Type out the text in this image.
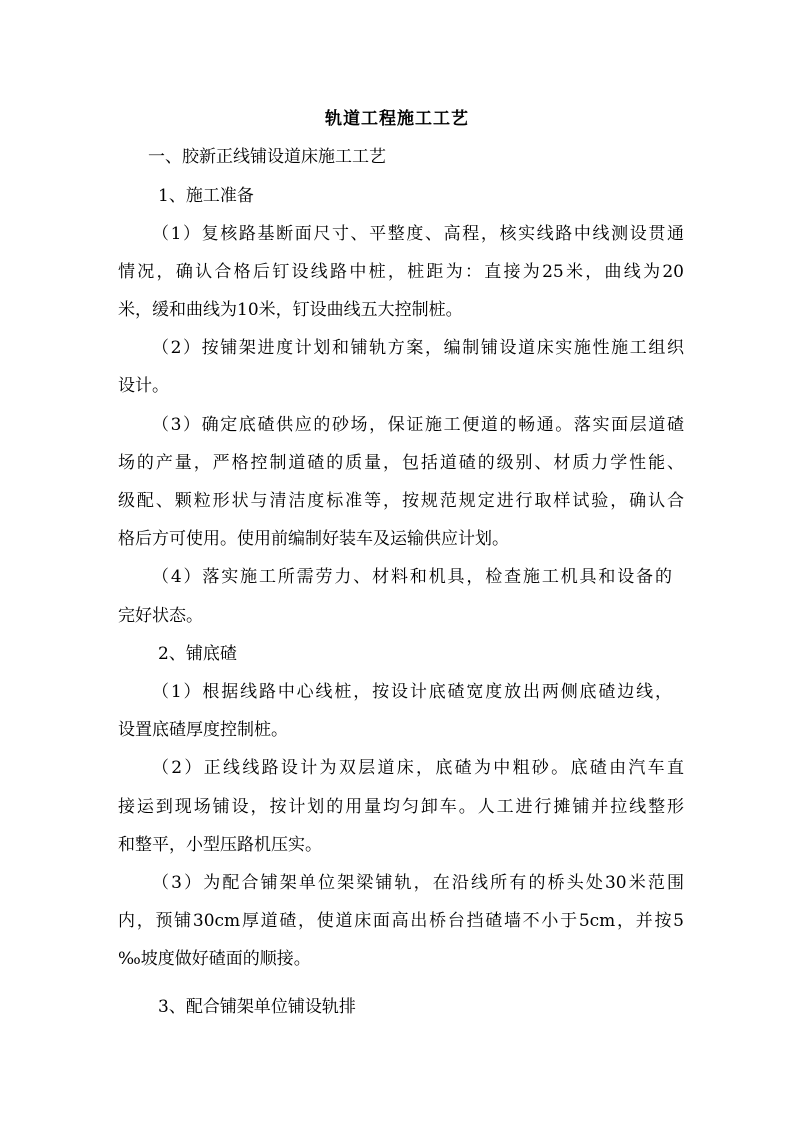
轨道工程施工工艺
一、胶新正线铺设道床施工工艺
1、施工准备
（1）复核路基断面尺寸、平整度、高程，核实线路中线测设贯通
情况，确认合格后钉设线路中桩，桩距为：直接为25米，曲线为20
米，缓和曲线为10米，钉设曲线五大控制桩。
（2）按铺架进度计划和铺轨方案，编制铺设道床实施性施工组织
设计。
（3）确定底碴供应的砂场，保证施工便道的畅通。落实面层道碴
场的产量，严格控制道碴的质量，包括道碴的级别、材质力学性能、
级配、颗粒形状与清洁度标准等，按规范规定进行取样试验，确认合
格后方可使用。使用前编制好装车及运输供应计划。
（4）落实施工所需劳力、材料和机具，检查施工机具和设备的
完好状态。
2、铺底碴
（1）根据线路中心线桩，按设计底碴宽度放出两侧底碴边线，
设置底碴厚度控制桩。
（2）正线线路设计为双层道床，底碴为中粗砂。底碴由汽车直
接运到现场铺设，按计划的用量均匀卸车。人工进行摊铺并拉线整形
和整平，小型压路机压实。
（3）为配合铺架单位架梁铺轨，在沿线所有的桥头处30米范围
内，预铺30cm厚道碴，使道床面高出桥台挡碴墙不小于5cm，并按5
‰坡度做好碴面的顺接。
3、配合铺架单位铺设轨排
